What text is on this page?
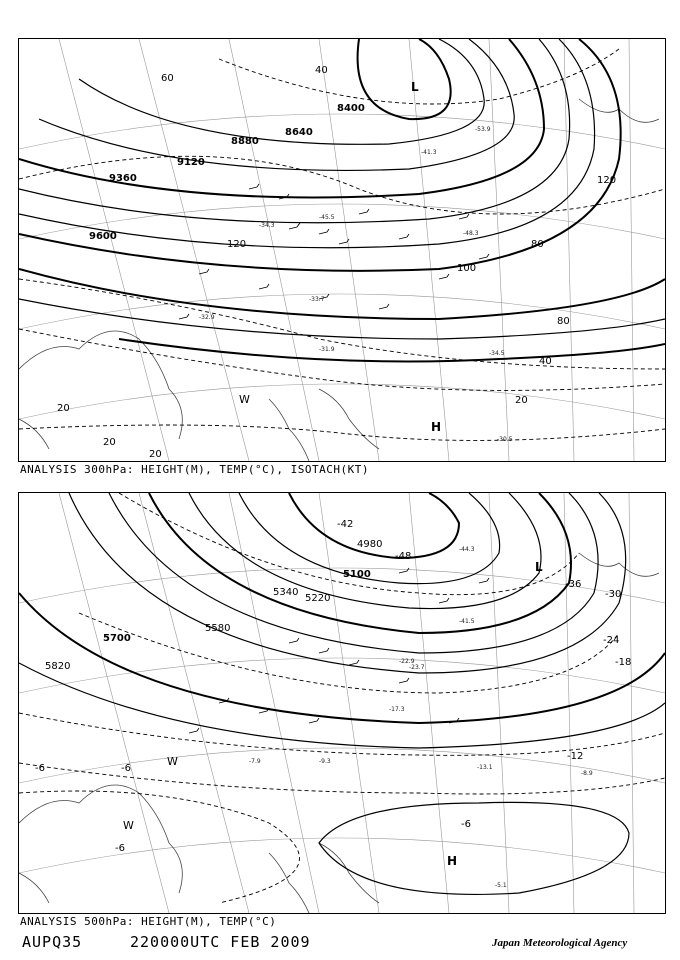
-34.3
-31.9
-34.5
-45.5
-41.3
-48.3
-53.9
-30.5
-32.9
-33.7
9600
9360
9120
8880
8640
8400
120
120
100
80
80
60
40
40
20
20
20
20
L
H
W
ANALYSIS 300hPa: HEIGHT(M), TEMP(°C), ISOTACH(KT)
-23.7
-17.3
-9.3
-13.1
-5.1
-44.3
-41.5
-8.9
-7.9
-22.9
5820
5700
5580
5340
5220
5100
4980
-48
-42
-36
-30
-24
-18
-12
-6	-6
-6
-6
L
H
W
W
ANALYSIS 500hPa: HEIGHT(M), TEMP(°C)
AUPQ35	220000UTC FEB 2009	Japan Meteorological Agency
